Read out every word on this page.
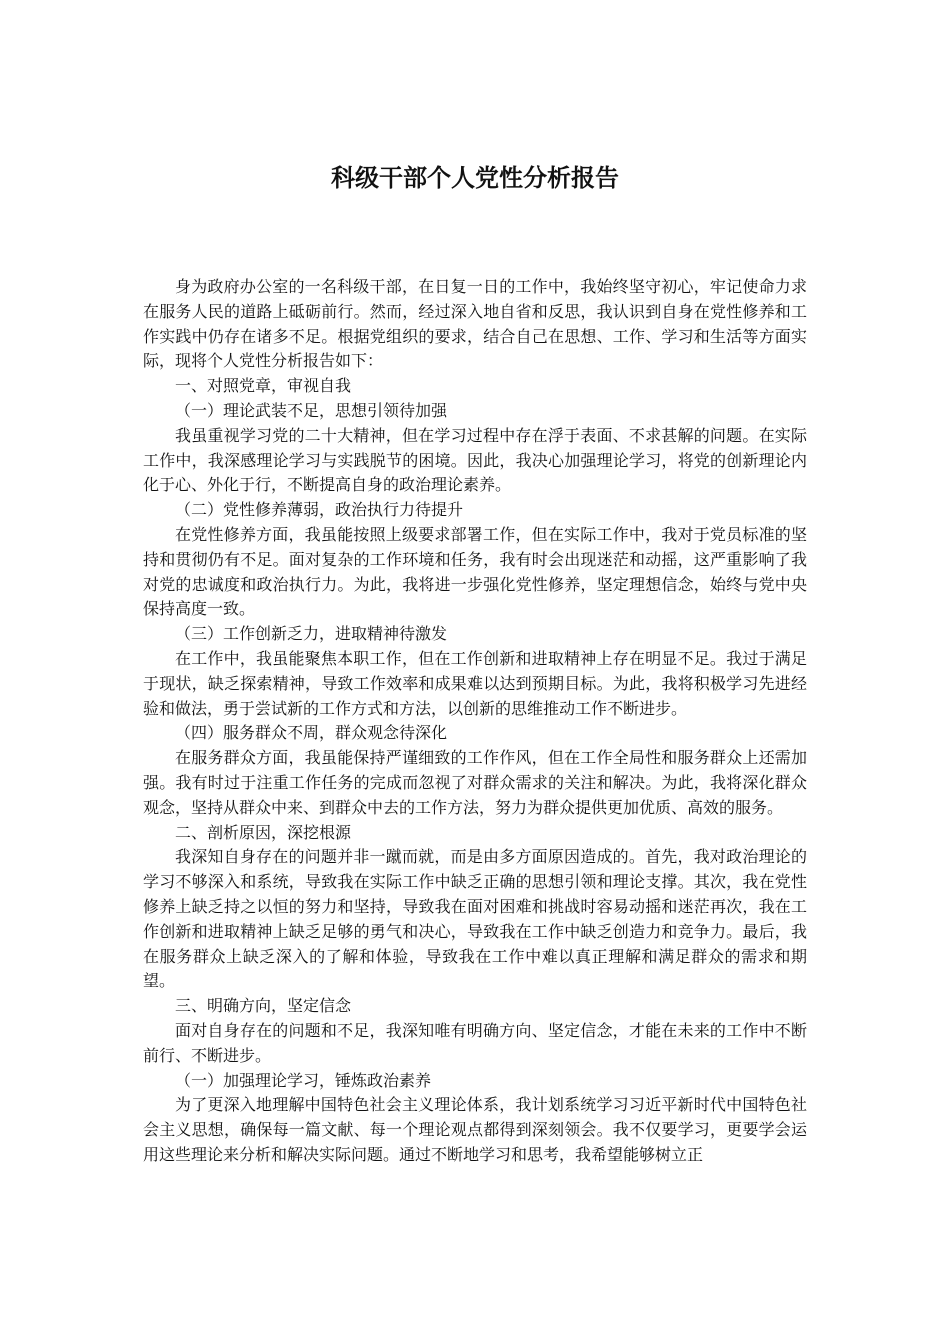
科级干部个人党性分析报告

身为政府办公室的一名科级干部，在日复一日的工作中，我始终坚守初心，牢记使命力求在服务人民的道路上砥砺前行。然而，经过深入地自省和反思，我认识到自身在党性修养和工作实践中仍存在诸多不足。根据党组织的要求，结合自己在思想、工作、学习和生活等方面实际，现将个人党性分析报告如下：

一、对照党章，审视自我

（一）理论武装不足，思想引领待加强

我虽重视学习党的二十大精神，但在学习过程中存在浮于表面、不求甚解的问题。在实际工作中，我深感理论学习与实践脱节的困境。因此，我决心加强理论学习，将党的创新理论内化于心、外化于行，不断提高自身的政治理论素养。

（二）党性修养薄弱，政治执行力待提升

在党性修养方面，我虽能按照上级要求部署工作，但在实际工作中，我对于党员标准的坚持和贯彻仍有不足。面对复杂的工作环境和任务，我有时会出现迷茫和动摇，这严重影响了我对党的忠诚度和政治执行力。为此，我将进一步强化党性修养，坚定理想信念，始终与党中央保持高度一致。

（三）工作创新乏力，进取精神待激发

在工作中，我虽能聚焦本职工作，但在工作创新和进取精神上存在明显不足。我过于满足于现状，缺乏探索精神，导致工作效率和成果难以达到预期目标。为此，我将积极学习先进经验和做法，勇于尝试新的工作方式和方法，以创新的思维推动工作不断进步。

（四）服务群众不周，群众观念待深化

在服务群众方面，我虽能保持严谨细致的工作作风，但在工作全局性和服务群众上还需加强。我有时过于注重工作任务的完成而忽视了对群众需求的关注和解决。为此，我将深化群众观念，坚持从群众中来、到群众中去的工作方法，努力为群众提供更加优质、高效的服务。

二、剖析原因，深挖根源

我深知自身存在的问题并非一蹴而就，而是由多方面原因造成的。首先，我对政治理论的学习不够深入和系统，导致我在实际工作中缺乏正确的思想引领和理论支撑。其次，我在党性修养上缺乏持之以恒的努力和坚持，导致我在面对困难和挑战时容易动摇和迷茫再次，我在工作创新和进取精神上缺乏足够的勇气和决心，导致我在工作中缺乏创造力和竞争力。最后，我在服务群众上缺乏深入的了解和体验，导致我在工作中难以真正理解和满足群众的需求和期望。

三、明确方向，坚定信念

面对自身存在的问题和不足，我深知唯有明确方向、坚定信念，才能在未来的工作中不断前行、不断进步。

（一）加强理论学习，锤炼政治素养

为了更深入地理解中国特色社会主义理论体系，我计划系统学习习近平新时代中国特色社会主义思想，确保每一篇文献、每一个理论观点都得到深刻领会。我不仅要学习，更要学会运用这些理论来分析和解决实际问题。通过不断地学习和思考，我希望能够树立正
